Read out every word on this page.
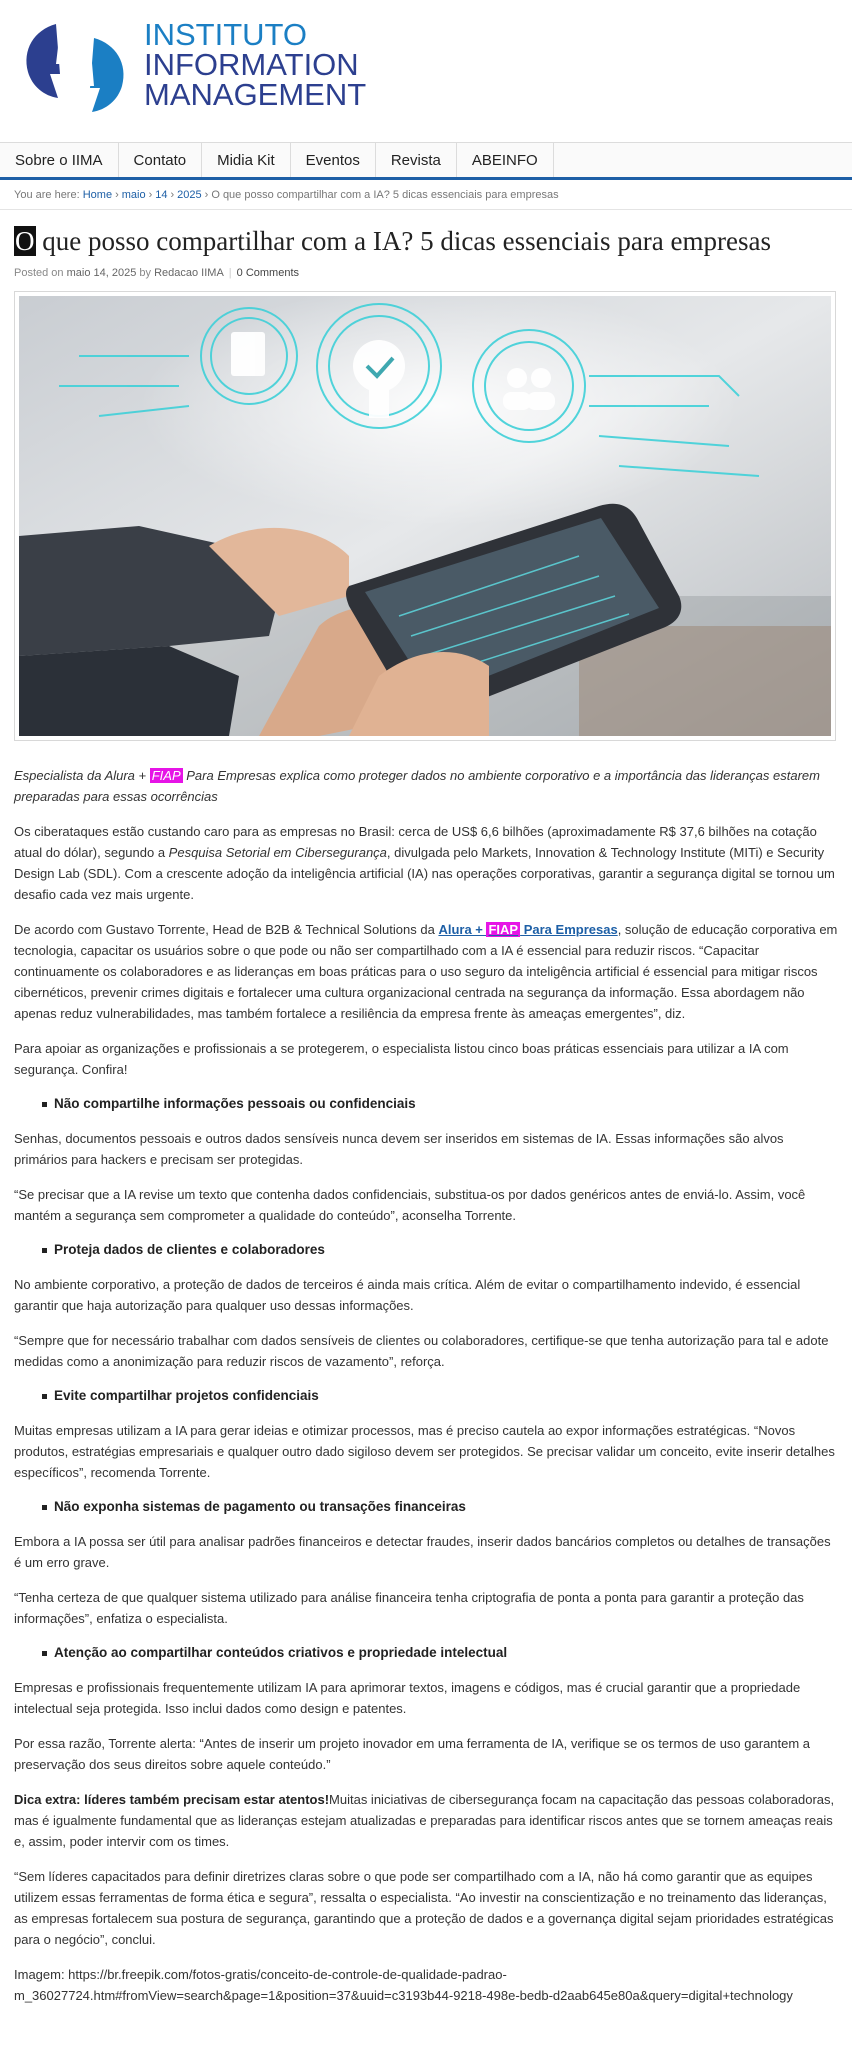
INSTITUTO
INFORMATION
MANAGEMENT
Sobre o IIMA	Contato	Midia Kit	Eventos	Revista	ABEINFO
You are here: Home › maio › 14 › 2025 › O que posso compartilhar com a IA? 5 dicas essenciais para empresas
O que posso compartilhar com a IA? 5 dicas essenciais para empresas
Posted on maio 14, 2025 by Redacao IIMA | 0 Comments

Especialista da Alura + FIAP Para Empresas explica como proteger dados no ambiente corporativo e a importância das lideranças estarem preparadas para essas ocorrências

Os ciberataques estão custando caro para as empresas no Brasil: cerca de US$ 6,6 bilhões (aproximadamente R$ 37,6 bilhões na cotação atual do dólar), segundo a Pesquisa Setorial em Cibersegurança, divulgada pelo Markets, Innovation & Technology Institute (MITi) e Security Design Lab (SDL). Com a crescente adoção da inteligência artificial (IA) nas operações corporativas, garantir a segurança digital se tornou um desafio cada vez mais urgente.

De acordo com Gustavo Torrente, Head de B2B & Technical Solutions da Alura + FIAP Para Empresas, solução de educação corporativa em tecnologia, capacitar os usuários sobre o que pode ou não ser compartilhado com a IA é essencial para reduzir riscos. “Capacitar continuamente os colaboradores e as lideranças em boas práticas para o uso seguro da inteligência artificial é essencial para mitigar riscos cibernéticos, prevenir crimes digitais e fortalecer uma cultura organizacional centrada na segurança da informação. Essa abordagem não apenas reduz vulnerabilidades, mas também fortalece a resiliência da empresa frente às ameaças emergentes”, diz.

Para apoiar as organizações e profissionais a se protegerem, o especialista listou cinco boas práticas essenciais para utilizar a IA com segurança. Confira!

Não compartilhe informações pessoais ou confidenciais

Senhas, documentos pessoais e outros dados sensíveis nunca devem ser inseridos em sistemas de IA. Essas informações são alvos primários para hackers e precisam ser protegidas.

“Se precisar que a IA revise um texto que contenha dados confidenciais, substitua-os por dados genéricos antes de enviá-lo. Assim, você mantém a segurança sem comprometer a qualidade do conteúdo”, aconselha Torrente.

Proteja dados de clientes e colaboradores

No ambiente corporativo, a proteção de dados de terceiros é ainda mais crítica. Além de evitar o compartilhamento indevido, é essencial garantir que haja autorização para qualquer uso dessas informações.

“Sempre que for necessário trabalhar com dados sensíveis de clientes ou colaboradores, certifique-se que tenha autorização para tal e adote medidas como a anonimização para reduzir riscos de vazamento”, reforça.

Evite compartilhar projetos confidenciais

Muitas empresas utilizam a IA para gerar ideias e otimizar processos, mas é preciso cautela ao expor informações estratégicas. “Novos produtos, estratégias empresariais e qualquer outro dado sigiloso devem ser protegidos. Se precisar validar um conceito, evite inserir detalhes específicos”, recomenda Torrente.

Não exponha sistemas de pagamento ou transações financeiras

Embora a IA possa ser útil para analisar padrões financeiros e detectar fraudes, inserir dados bancários completos ou detalhes de transações é um erro grave.

“Tenha certeza de que qualquer sistema utilizado para análise financeira tenha criptografia de ponta a ponta para garantir a proteção das informações”, enfatiza o especialista.

Atenção ao compartilhar conteúdos criativos e propriedade intelectual

Empresas e profissionais frequentemente utilizam IA para aprimorar textos, imagens e códigos, mas é crucial garantir que a propriedade intelectual seja protegida. Isso inclui dados como design e patentes.

Por essa razão, Torrente alerta: “Antes de inserir um projeto inovador em uma ferramenta de IA, verifique se os termos de uso garantem a preservação dos seus direitos sobre aquele conteúdo.”

Dica extra: líderes também precisam estar atentos!Muitas iniciativas de cibersegurança focam na capacitação das pessoas colaboradoras, mas é igualmente fundamental que as lideranças estejam atualizadas e preparadas para identificar riscos antes que se tornem ameaças reais e, assim, poder intervir com os times.

“Sem líderes capacitados para definir diretrizes claras sobre o que pode ser compartilhado com a IA, não há como garantir que as equipes utilizem essas ferramentas de forma ética e segura”, ressalta o especialista. “Ao investir na conscientização e no treinamento das lideranças, as empresas fortalecem sua postura de segurança, garantindo que a proteção de dados e a governança digital sejam prioridades estratégicas para o negócio”, conclui.

Imagem: https://br.freepik.com/fotos-gratis/conceito-de-controle-de-qualidade-padrao-m_36027724.htm#fromView=search&page=1&position=37&uuid=c3193b44-9218-498e-bedb-d2aab645e80a&query=digital+technology
